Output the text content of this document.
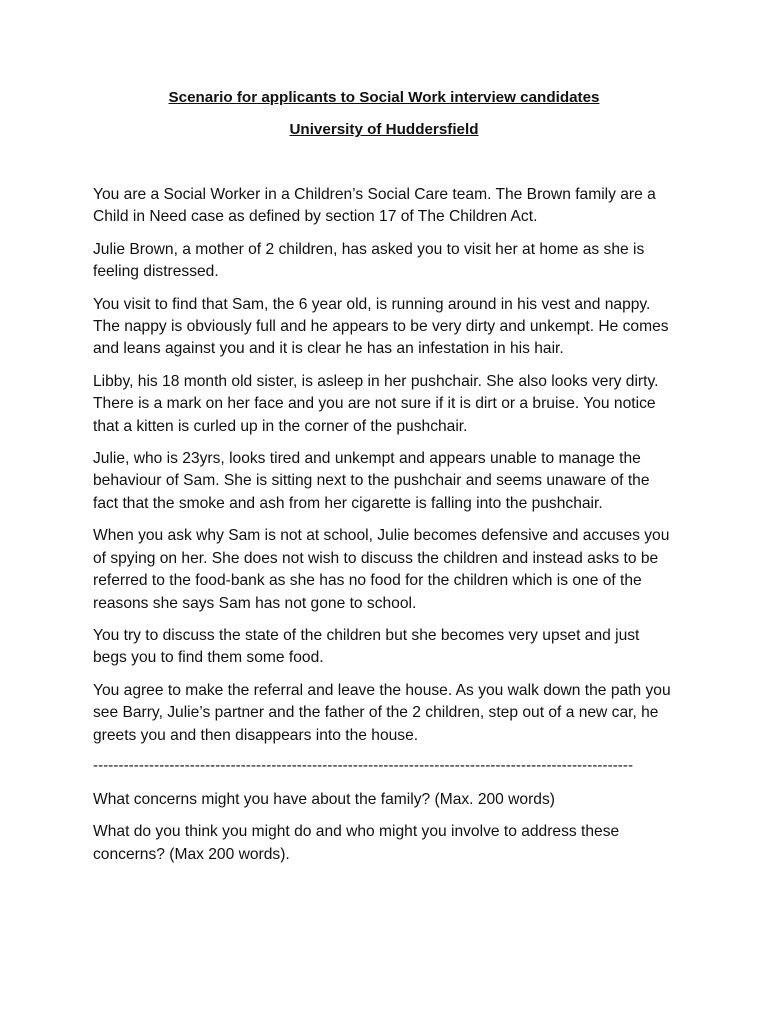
Scenario for applicants to Social Work interview candidates

University of Huddersfield

You are a Social Worker in a Children’s Social Care team. The Brown family are a Child in Need case as defined by section 17 of The Children Act.

Julie Brown, a mother of 2 children, has asked you to visit her at home as she is feeling distressed.

You visit to find that Sam, the 6 year old, is running around in his vest and nappy. The nappy is obviously full and he appears to be very dirty and unkempt. He comes and leans against you and it is clear he has an infestation in his hair.

Libby, his 18 month old sister, is asleep in her pushchair. She also looks very dirty. There is a mark on her face and you are not sure if it is dirt or a bruise. You notice that a kitten is curled up in the corner of the pushchair.

Julie, who is 23yrs, looks tired and unkempt and appears unable to manage the behaviour of Sam. She is sitting next to the pushchair and seems unaware of the fact that the smoke and ash from her cigarette is falling into the pushchair.

When you ask why Sam is not at school, Julie becomes defensive and accuses you of spying on her. She does not wish to discuss the children and instead asks to be referred to the food-bank as she has no food for the children which is one of the reasons she says Sam has not gone to school.

You try to discuss the state of the children but she becomes very upset and just begs you to find them some food.

You agree to make the referral and leave the house. As you walk down the path you see Barry, Julie’s partner and the father of the 2 children, step out of a new car, he greets you and then disappears into the house.

----------------------------------------------------------------------------------------------------------

What concerns might you have about the family? (Max. 200 words)

What do you think you might do and who might you involve to address these concerns? (Max 200 words).
